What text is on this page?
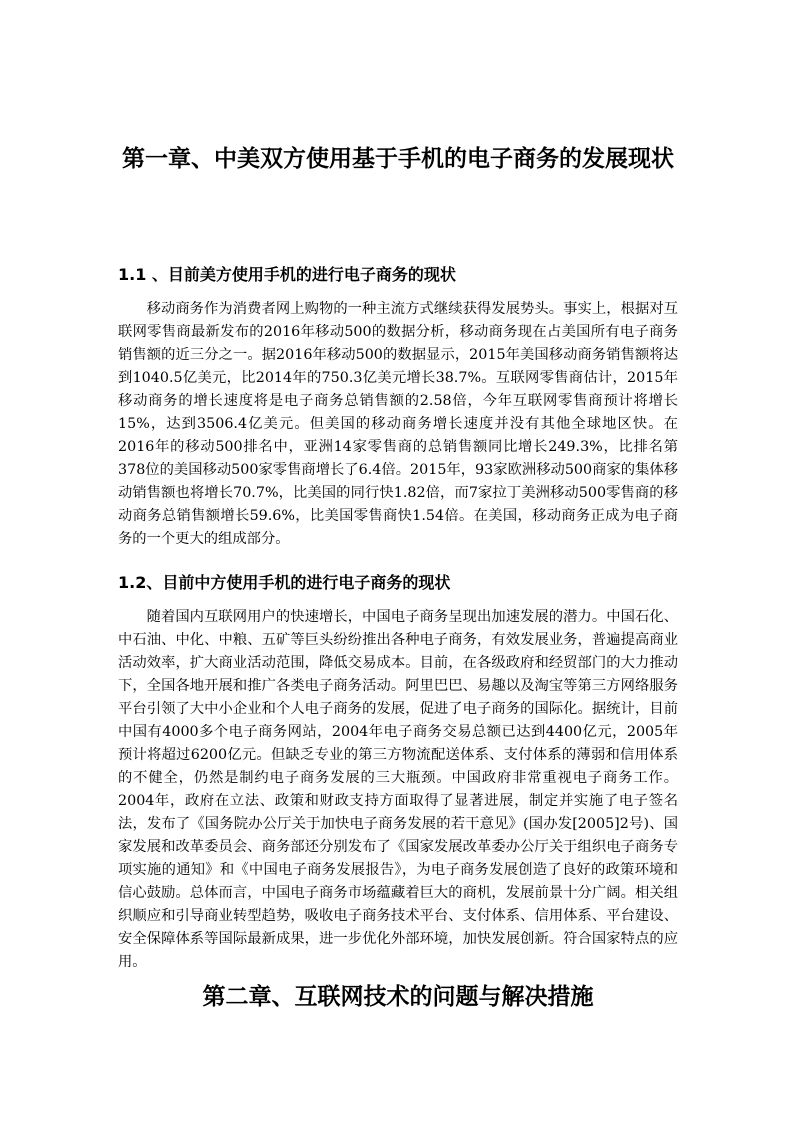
第一章、中美双方使用基于手机的电子商务的发展现状
1.1 、目前美方使用手机的进行电子商务的现状

移动商务作为消费者网上购物的一种主流方式继续获得发展势头。事实上，根据对互联网零售商最新发布的2016年移动500的数据分析，移动商务现在占美国所有电子商务销售额的近三分之一。据2016年移动500的数据显示，2015年美国移动商务销售额将达到1040.5亿美元，比2014年的750.3亿美元增长38.7%。互联网零售商估计，2015年移动商务的增长速度将是电子商务总销售额的2.58倍，今年互联网零售商预计将增长15%，达到3506.4亿美元。但美国的移动商务增长速度并没有其他全球地区快。在2016年的移动500排名中，亚洲14家零售商的总销售额同比增长249.3%，比排名第378位的美国移动500家零售商增长了6.4倍。2015年，93家欧洲移动500商家的集体移动销售额也将增长70.7%，比美国的同行快1.82倍，而7家拉丁美洲移动500零售商的移动商务总销售额增长59.6%，比美国零售商快1.54倍。在美国，移动商务正成为电子商务的一个更大的组成部分。

1.2、目前中方使用手机的进行电子商务的现状

随着国内互联网用户的快速增长，中国电子商务呈现出加速发展的潜力。中国石化、中石油、中化、中粮、五矿等巨头纷纷推出各种电子商务，有效发展业务，普遍提高商业活动效率，扩大商业活动范围，降低交易成本。目前，在各级政府和经贸部门的大力推动下，全国各地开展和推广各类电子商务活动。阿里巴巴、易趣以及淘宝等第三方网络服务平台引领了大中小企业和个人电子商务的发展，促进了电子商务的国际化。据统计，目前中国有4000多个电子商务网站，2004年电子商务交易总额已达到4400亿元，2005年预计将超过6200亿元。但缺乏专业的第三方物流配送体系、支付体系的薄弱和信用体系的不健全，仍然是制约电子商务发展的三大瓶颈。中国政府非常重视电子商务工作。2004年，政府在立法、政策和财政支持方面取得了显著进展，制定并实施了电子签名法，发布了《国务院办公厅关于加快电子商务发展的若干意见》(国办发[2005]2号)、国家发展和改革委员会、商务部还分别发布了《国家发展改革委办公厅关于组织电子商务专项实施的通知》和《中国电子商务发展报告》，为电子商务发展创造了良好的政策环境和信心鼓励。总体而言，中国电子商务市场蕴藏着巨大的商机，发展前景十分广阔。相关组织顺应和引导商业转型趋势，吸收电子商务技术平台、支付体系、信用体系、平台建设、安全保障体系等国际最新成果，进一步优化外部环境，加快发展创新。符合国家特点的应用。

第二章、互联网技术的问题与解决措施
